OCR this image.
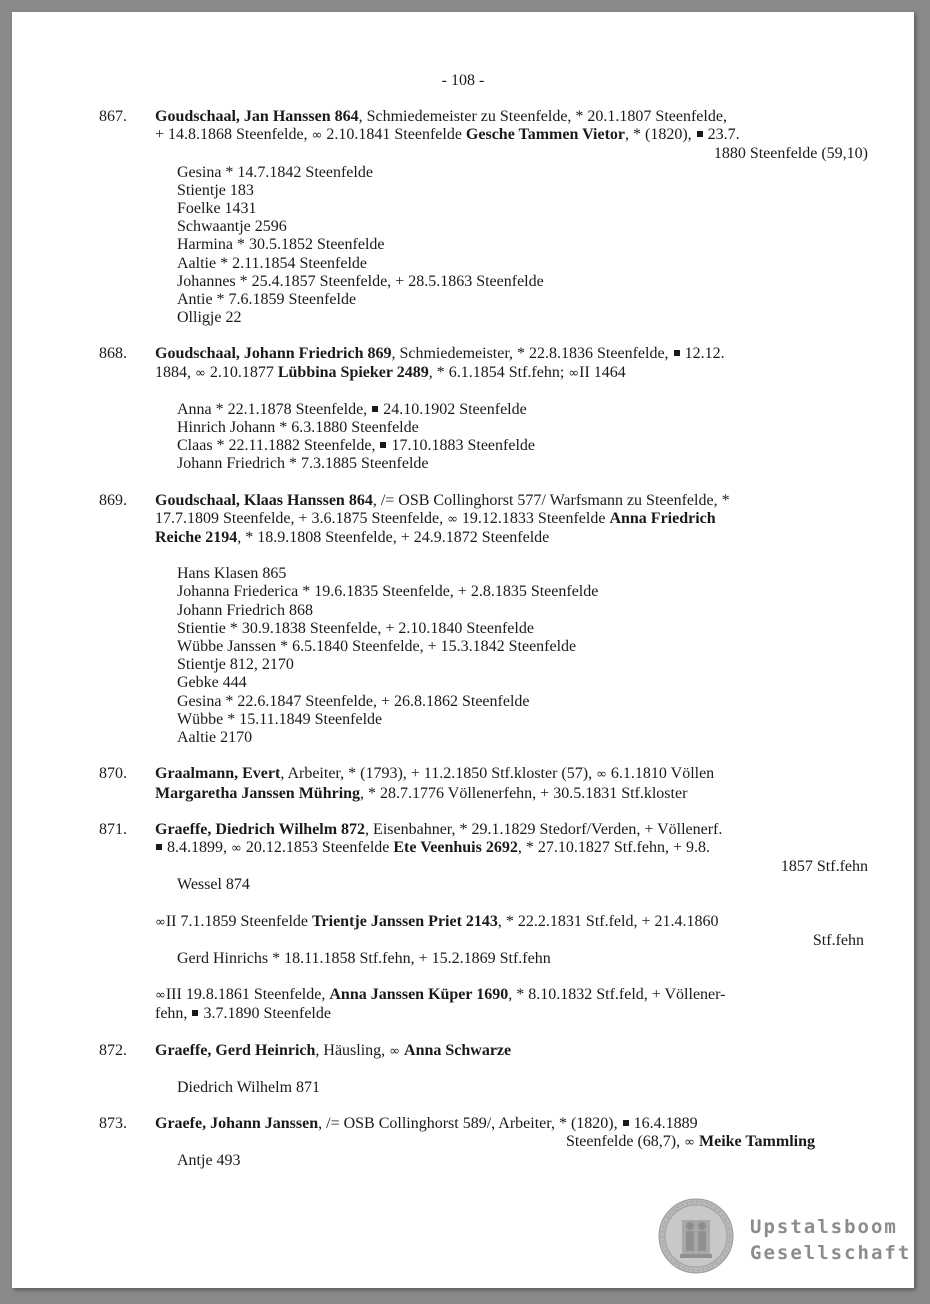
- 108 -
867. Goudschaal, Jan Hanssen 864, Schmiedemeister zu Steenfelde, * 20.1.1807 Steenfelde,
+ 14.8.1868 Steenfelde, ∞ 2.10.1841 Steenfelde Gesche Tammen Vietor, * (1820),  23.7.
1880 Steenfelde (59,10)
Gesina * 14.7.1842 Steenfelde
Stientje 183
Foelke 1431
Schwaantje 2596
Harmina * 30.5.1852 Steenfelde
Aaltie * 2.11.1854 Steenfelde
Johannes * 25.4.1857 Steenfelde, + 28.5.1863 Steenfelde
Antie * 7.6.1859 Steenfelde
Olligje 22
868. Goudschaal, Johann Friedrich 869, Schmiedemeister, * 22.8.1836 Steenfelde,  12.12.
1884, ∞ 2.10.1877 Lübbina Spieker 2489, * 6.1.1854 Stf.fehn; ∞II 1464
Anna * 22.1.1878 Steenfelde,  24.10.1902 Steenfelde
Hinrich Johann * 6.3.1880 Steenfelde
Claas * 22.11.1882 Steenfelde,  17.10.1883 Steenfelde
Johann Friedrich * 7.3.1885 Steenfelde
869. Goudschaal, Klaas Hanssen 864, /= OSB Collinghorst 577/ Warfsmann zu Steenfelde, *
17.7.1809 Steenfelde, + 3.6.1875 Steenfelde, ∞ 19.12.1833 Steenfelde Anna Friedrich
Reiche 2194, * 18.9.1808 Steenfelde, + 24.9.1872 Steenfelde
Hans Klasen 865
Johanna Friederica * 19.6.1835 Steenfelde, + 2.8.1835 Steenfelde
Johann Friedrich 868
Stientie * 30.9.1838 Steenfelde, + 2.10.1840 Steenfelde
Wübbe Janssen * 6.5.1840 Steenfelde, + 15.3.1842 Steenfelde
Stientje 812, 2170
Gebke 444
Gesina * 22.6.1847 Steenfelde, + 26.8.1862 Steenfelde
Wübbe * 15.11.1849 Steenfelde
Aaltie 2170
870. Graalmann, Evert, Arbeiter, * (1793), + 11.2.1850 Stf.kloster (57), ∞ 6.1.1810 Völlen
Margaretha Janssen Mühring, * 28.7.1776 Völlenerfehn, + 30.5.1831 Stf.kloster
871. Graeffe, Diedrich Wilhelm 872, Eisenbahner, * 29.1.1829 Stedorf/Verden, + Völlenerf.
8.4.1899, ∞ 20.12.1853 Steenfelde Ete Veenhuis 2692, * 27.10.1827 Stf.fehn, + 9.8.
1857 Stf.fehn
Wessel 874
∞II 7.1.1859 Steenfelde Trientje Janssen Priet 2143, * 22.2.1831 Stf.feld, + 21.4.1860
Stf.fehn
Gerd Hinrichs * 18.11.1858 Stf.fehn, + 15.2.1869 Stf.fehn
∞III 19.8.1861 Steenfelde, Anna Janssen Küper 1690, * 8.10.1832 Stf.feld, + Völlener-
fehn,  3.7.1890 Steenfelde
872. Graeffe, Gerd Heinrich, Häusling, ∞ Anna Schwarze
Diedrich Wilhelm 871
873. Graefe, Johann Janssen, /= OSB Collinghorst 589/, Arbeiter, * (1820),  16.4.1889
Steenfelde (68,7), ∞ Meike Tammling
Antje 493
Upstalsboom
Gesellschaft
